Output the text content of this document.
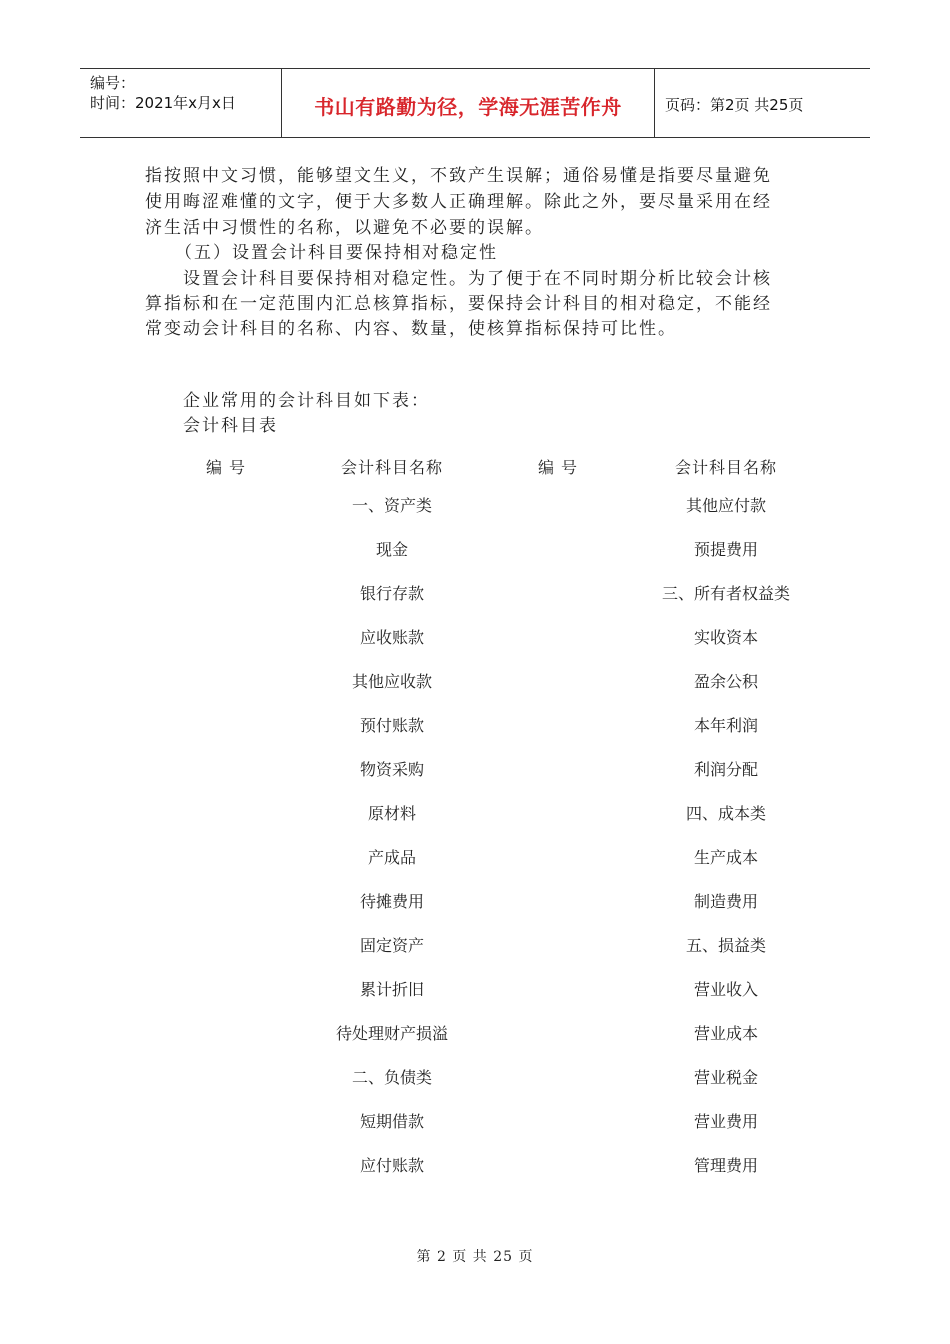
编号：
时间：2021年x月x日	书山有路勤为径，学海无涯苦作舟	页码：第2页 共25页
指按照中文习惯，能够望文生义，不致产生误解；通俗易懂是指要尽量避免
使用晦涩难懂的文字，便于大多数人正确理解。除此之外，要尽量采用在经
济生活中习惯性的名称，以避免不必要的误解。
（五）设置会计科目要保持相对稳定性
设置会计科目要保持相对稳定性。为了便于在不同时期分析比较会计核
算指标和在一定范围内汇总核算指标，要保持会计科目的相对稳定，不能经
常变动会计科目的名称、内容、数量，使核算指标保持可比性。
企业常用的会计科目如下表：
会计科目表
编 号	会计科目名称	编 号	会计科目名称
一、资产类	其他应付款
现金	预提费用
银行存款	三、所有者权益类
应收账款	实收资本
其他应收款	盈余公积
预付账款	本年利润
物资采购	利润分配
原材料	四、成本类
产成品	生产成本
待摊费用	制造费用
固定资产	五、损益类
累计折旧	营业收入
待处理财产损溢	营业成本
二、负债类	营业税金
短期借款	营业费用
应付账款	管理费用
第 2 页 共 25 页
